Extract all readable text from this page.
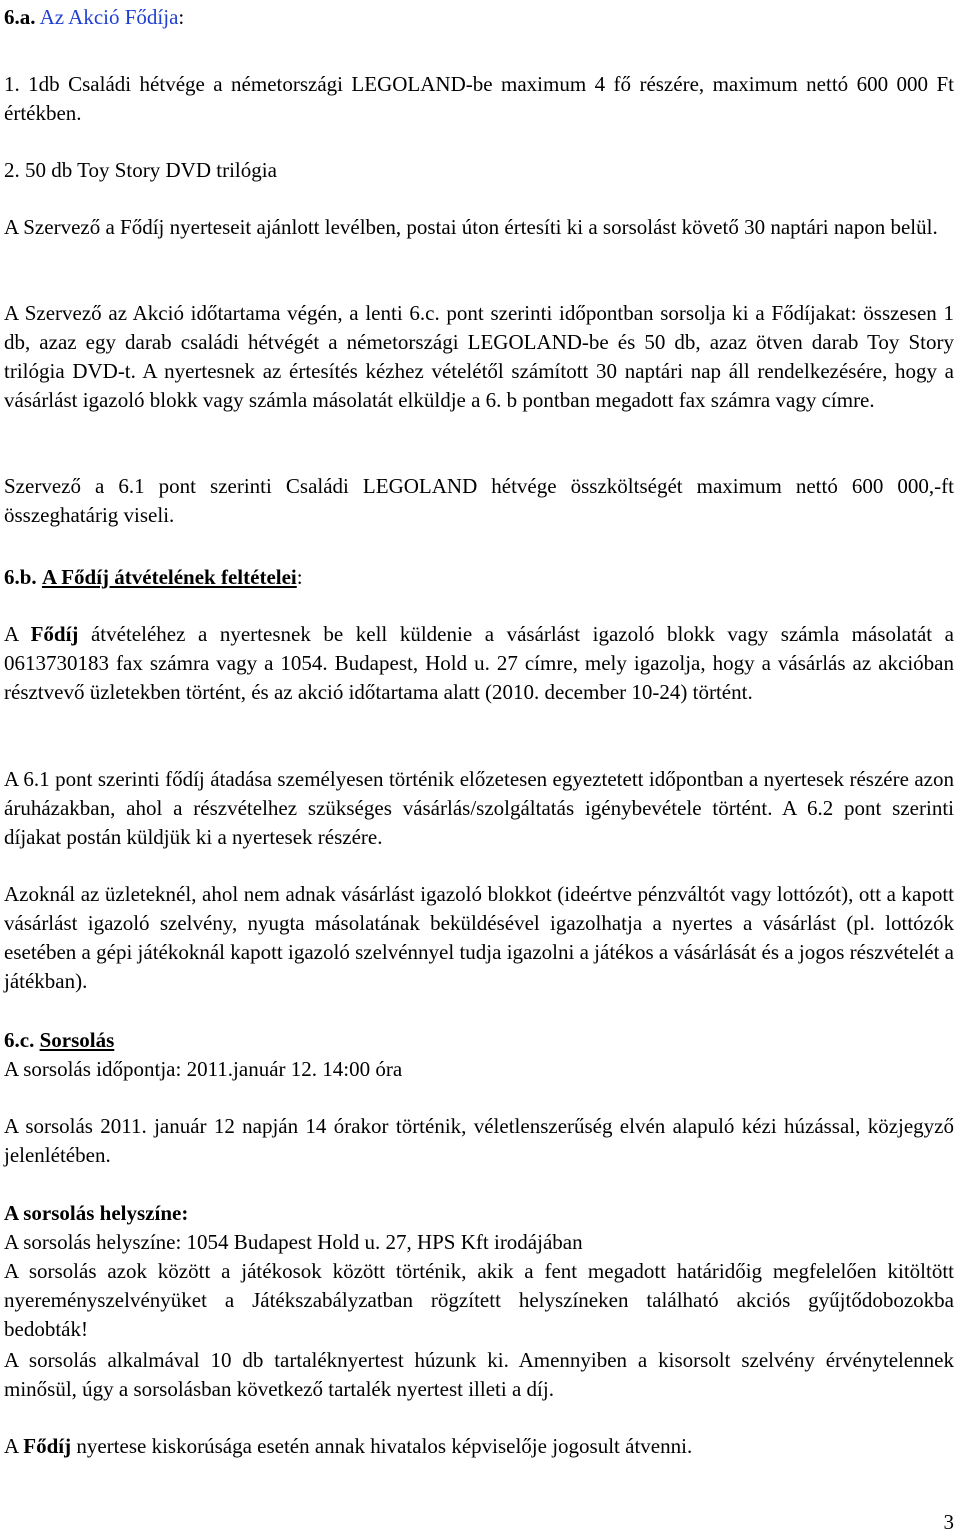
6.a. Az Akció Fődíja:

1. 1db Családi hétvége a németországi LEGOLAND-be maximum 4 fő részére, maximum nettó 600 000 Ft értékben.

2. 50 db Toy Story DVD trilógia

A Szervező a Fődíj nyerteseit ajánlott levélben, postai úton értesíti ki a sorsolást követő 30 naptári napon belül.

A Szervező az Akció időtartama végén, a lenti 6.c. pont szerinti időpontban sorsolja ki a Fődíjakat: összesen 1 db, azaz egy darab családi hétvégét a németországi LEGOLAND-be és 50 db, azaz ötven darab Toy Story trilógia DVD-t. A nyertesnek az értesítés kézhez vételétől számított 30 naptári nap áll rendelkezésére, hogy a vásárlást igazoló blokk vagy számla másolatát elküldje a 6. b pontban megadott fax számra vagy címre.

Szervező a 6.1 pont szerinti Családi LEGOLAND hétvége összköltségét maximum nettó 600 000,-ft összeghatárig viseli.

6.b. A Fődíj átvételének feltételei:

A Fődíj átvételéhez a nyertesnek be kell küldenie a vásárlást igazoló blokk vagy számla másolatát a 0613730183 fax számra vagy a 1054. Budapest, Hold u. 27 címre, mely igazolja, hogy a vásárlás az akcióban résztvevő üzletekben történt, és az akció időtartama alatt (2010. december 10-24) történt.

A 6.1 pont szerinti fődíj átadása személyesen történik előzetesen egyeztetett időpontban a nyertesek részére azon áruházakban, ahol a részvételhez szükséges vásárlás/szolgáltatás igénybevétele történt. A 6.2 pont szerinti díjakat postán küldjük ki a nyertesek részére.

Azoknál az üzleteknél, ahol nem adnak vásárlást igazoló blokkot (ideértve pénzváltót vagy lottózót), ott a kapott vásárlást igazoló szelvény, nyugta másolatának beküldésével igazolhatja a nyertes a vásárlást (pl. lottózók esetében a gépi játékoknál kapott igazoló szelvénnyel tudja igazolni a játékos a vásárlását és a jogos részvételét a játékban).

6.c. Sorsolás

A sorsolás időpontja: 2011.január 12. 14:00 óra

A sorsolás 2011. január 12 napján 14 órakor történik, véletlenszerűség elvén alapuló kézi húzással, közjegyző jelenlétében.

A sorsolás helyszíne:

A sorsolás helyszíne: 1054 Budapest Hold u. 27, HPS Kft irodájában

A sorsolás azok között a játékosok között történik, akik a fent megadott határidőig megfelelően kitöltött nyereményszelvényüket a Játékszabályzatban rögzített helyszíneken található akciós gyűjtődobozokba bedobták!

A sorsolás alkalmával 10 db tartaléknyertest húzunk ki. Amennyiben a kisorsolt szelvény érvénytelennek minősül, úgy a sorsolásban következő tartalék nyertest illeti a díj.

A Fődíj nyertese kiskorúsága esetén annak hivatalos képviselője jogosult átvenni.

3
